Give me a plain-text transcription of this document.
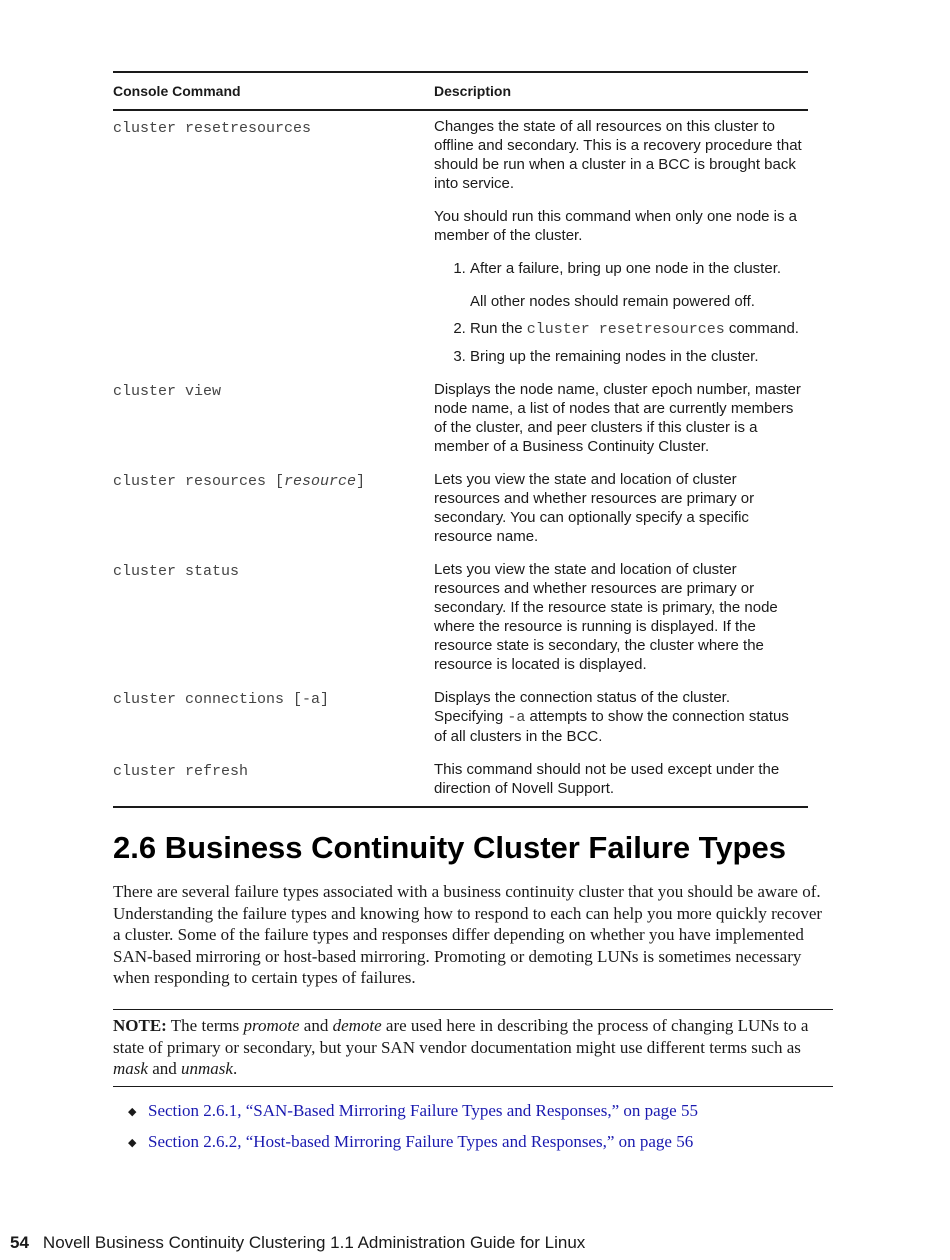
Console Command	Description
cluster resetresources	Changes the state of all resources on this cluster to offline and secondary. This is a recovery procedure that should be run when a cluster in a BCC is brought back into service.

You should run this command when only one node is a member of the cluster.

1. After a failure, bring up one node in the cluster.
All other nodes should remain powered off.
2. Run the cluster resetresources command.
3. Bring up the remaining nodes in the cluster.
cluster view	Displays the node name, cluster epoch number, master node name, a list of nodes that are currently members of the cluster, and peer clusters if this cluster is a member of a Business Continuity Cluster.
cluster resources [resource]	Lets you view the state and location of cluster resources and whether resources are primary or secondary. You can optionally specify a specific resource name.
cluster status	Lets you view the state and location of cluster resources and whether resources are primary or secondary. If the resource state is primary, the node where the resource is running is displayed. If the resource state is secondary, the cluster where the resource is located is displayed.
cluster connections [-a]	Displays the connection status of the cluster. Specifying -a attempts to show the connection status of all clusters in the BCC.
cluster refresh	This command should not be used except under the direction of Novell Support.
2.6 Business Continuity Cluster Failure Types

There are several failure types associated with a business continuity cluster that you should be aware of. Understanding the failure types and knowing how to respond to each can help you more quickly recover a cluster. Some of the failure types and responses differ depending on whether you have implemented SAN-based mirroring or host-based mirroring. Promoting or demoting LUNs is sometimes necessary when responding to certain types of failures.

NOTE: The terms promote and demote are used here in describing the process of changing LUNs to a state of primary or secondary, but your SAN vendor documentation might use different terms such as mask and unmask.
◆ Section 2.6.1, “SAN-Based Mirroring Failure Types and Responses,” on page 55
◆ Section 2.6.2, “Host-based Mirroring Failure Types and Responses,” on page 56
54 Novell Business Continuity Clustering 1.1 Administration Guide for Linux
